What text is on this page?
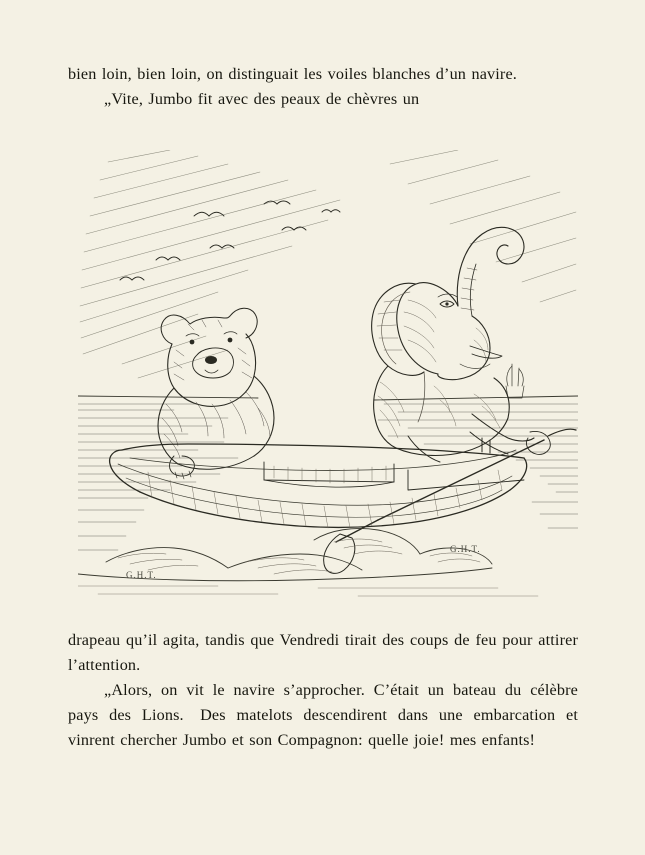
bien loin, bien loin, on distinguait les voiles blanches d’un navire.

„Vite, Jumbo fit avec des peaux de chèvres un

G.H.T.
G.H.T.

drapeau qu’il agita, tandis que Vendredi tirait des coups de feu pour attirer l’attention.

„Alors, on vit le navire s’approcher. C’était un bateau du célèbre pays des Lions. Des matelots descendirent dans une embarcation et vinrent chercher Jumbo et son Compagnon: quelle joie! mes enfants!
